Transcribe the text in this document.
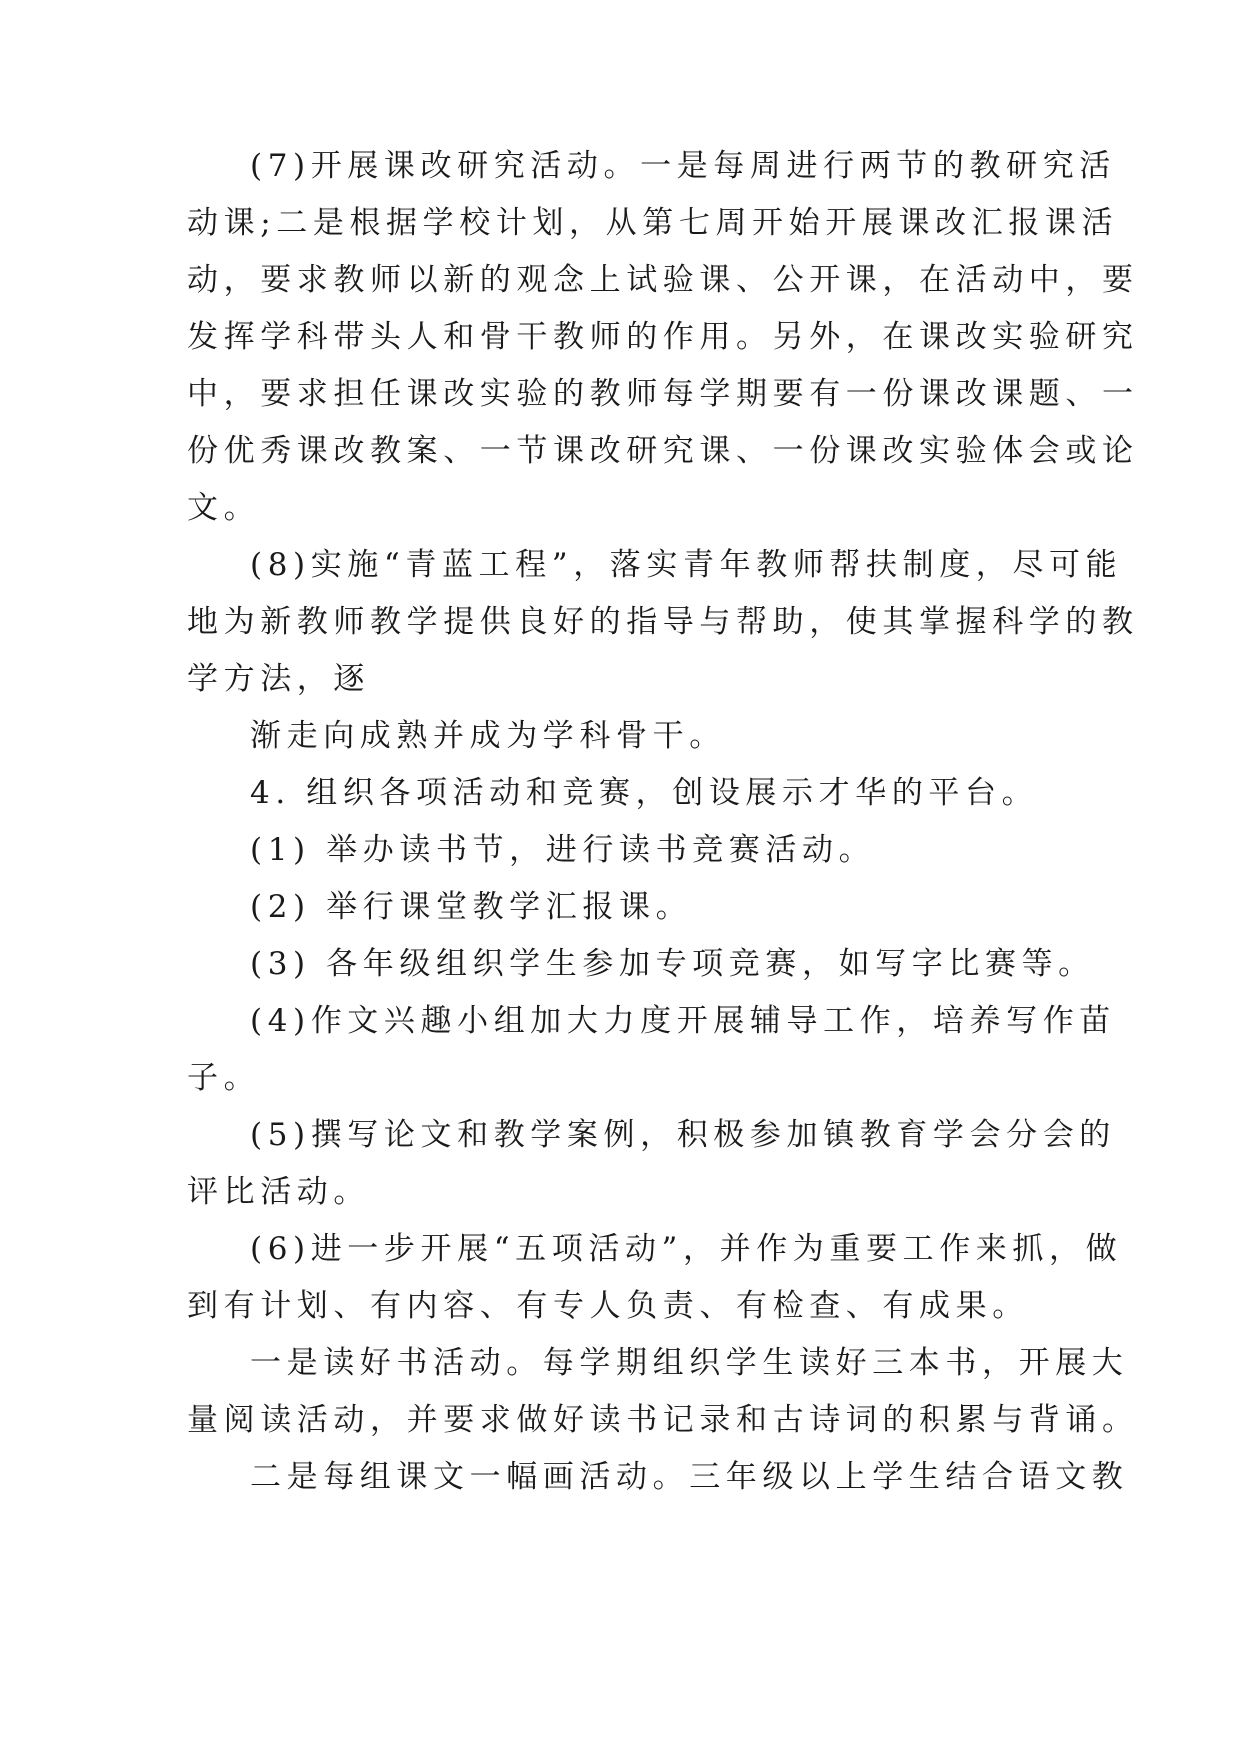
(7)开展课改研究活动。一是每周进行两节的教研究活
动课;二是根据学校计划，从第七周开始开展课改汇报课活
动，要求教师以新的观念上试验课、公开课，在活动中，要
发挥学科带头人和骨干教师的作用。另外，在课改实验研究
中，要求担任课改实验的教师每学期要有一份课改课题、一
份优秀课改教案、一节课改研究课、一份课改实验体会或论
文。
(8)实施“青蓝工程”，落实青年教师帮扶制度，尽可能
地为新教师教学提供良好的指导与帮助，使其掌握科学的教
学方法，逐
渐走向成熟并成为学科骨干。
4. 组织各项活动和竞赛，创设展示才华的平台。
(1) 举办读书节，进行读书竞赛活动。
(2) 举行课堂教学汇报课。
(3) 各年级组织学生参加专项竞赛，如写字比赛等。
(4)作文兴趣小组加大力度开展辅导工作，培养写作苗
子。
(5)撰写论文和教学案例，积极参加镇教育学会分会的
评比活动。
(6)进一步开展“五项活动”，并作为重要工作来抓，做
到有计划、有内容、有专人负责、有检查、有成果。
一是读好书活动。每学期组织学生读好三本书，开展大
量阅读活动，并要求做好读书记录和古诗词的积累与背诵。
二是每组课文一幅画活动。三年级以上学生结合语文教
